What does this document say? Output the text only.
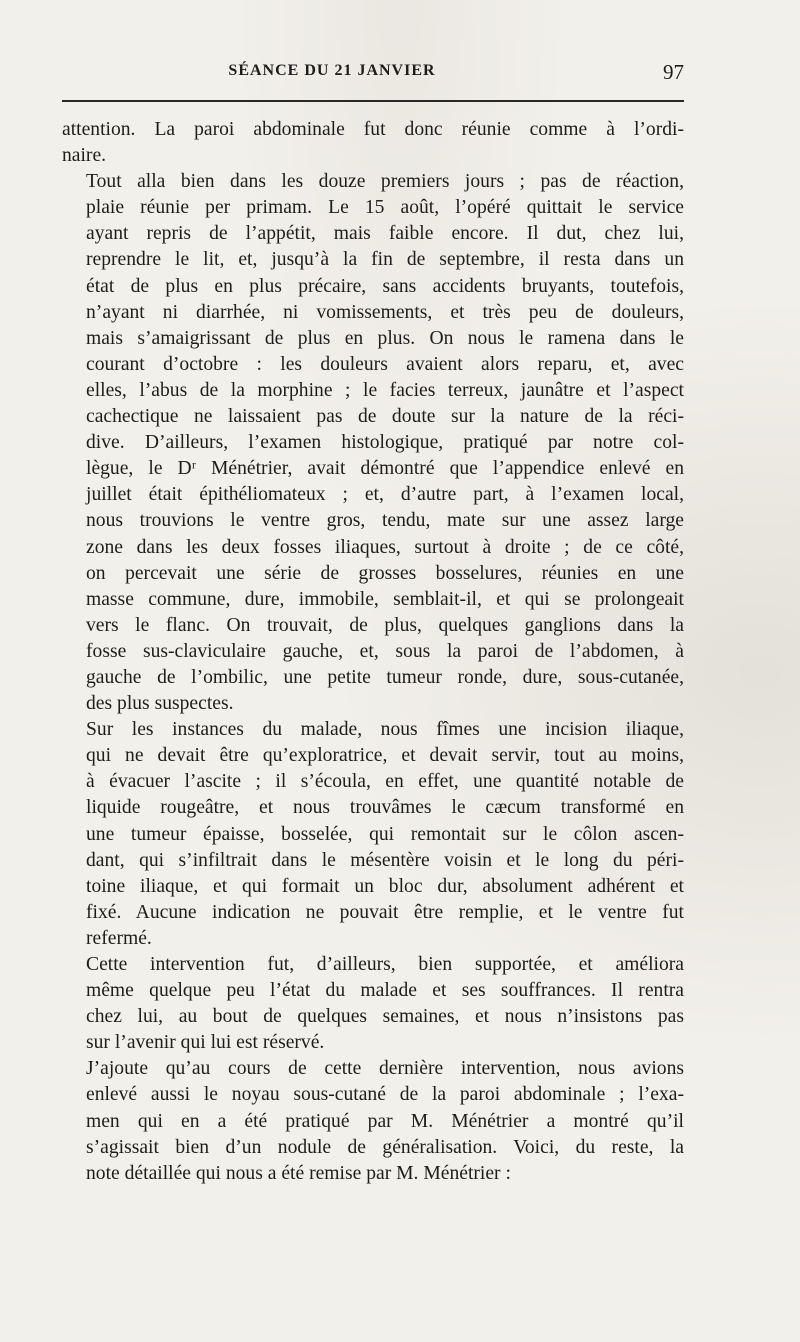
SÉANCE DU 21 JANVIER	97

attention. La paroi abdominale fut donc réunie comme à l’ordi-
naire.

Tout alla bien dans les douze premiers jours ; pas de réaction,
plaie réunie per primam. Le 15 août, l’opéré quittait le service
ayant repris de l’appétit, mais faible encore. Il dut, chez lui,
reprendre le lit, et, jusqu’à la fin de septembre, il resta dans un
état de plus en plus précaire, sans accidents bruyants, toutefois,
n’ayant ni diarrhée, ni vomissements, et très peu de douleurs,
mais s’amaigrissant de plus en plus. On nous le ramena dans le
courant d’octobre : les douleurs avaient alors reparu, et, avec
elles, l’abus de la morphine ; le facies terreux, jaunâtre et l’aspect
cachectique ne laissaient pas de doute sur la nature de la réci-
dive. D’ailleurs, l’examen histologique, pratiqué par notre col-
lègue, le Dʳ Ménétrier, avait démontré que l’appendice enlevé en
juillet était épithéliomateux ; et, d’autre part, à l’examen local,
nous trouvions le ventre gros, tendu, mate sur une assez large
zone dans les deux fosses iliaques, surtout à droite ; de ce côté,
on percevait une série de grosses bosselures, réunies en une
masse commune, dure, immobile, semblait-il, et qui se prolongeait
vers le flanc. On trouvait, de plus, quelques ganglions dans la
fosse sus-claviculaire gauche, et, sous la paroi de l’abdomen, à
gauche de l’ombilic, une petite tumeur ronde, dure, sous-cutanée,
des plus suspectes.

Sur les instances du malade, nous fîmes une incision iliaque,
qui ne devait être qu’exploratrice, et devait servir, tout au moins,
à évacuer l’ascite ; il s’écoula, en effet, une quantité notable de
liquide rougeâtre, et nous trouvâmes le cæcum transformé en
une tumeur épaisse, bosselée, qui remontait sur le côlon ascen-
dant, qui s’infiltrait dans le mésentère voisin et le long du péri-
toine iliaque, et qui formait un bloc dur, absolument adhérent et
fixé. Aucune indication ne pouvait être remplie, et le ventre fut
refermé.

Cette intervention fut, d’ailleurs, bien supportée, et améliora
même quelque peu l’état du malade et ses souffrances. Il rentra
chez lui, au bout de quelques semaines, et nous n’insistons pas
sur l’avenir qui lui est réservé.

J’ajoute qu’au cours de cette dernière intervention, nous avions
enlevé aussi le noyau sous-cutané de la paroi abdominale ; l’exa-
men qui en a été pratiqué par M. Ménétrier a montré qu’il
s’agissait bien d’un nodule de généralisation. Voici, du reste, la
note détaillée qui nous a été remise par M. Ménétrier :
